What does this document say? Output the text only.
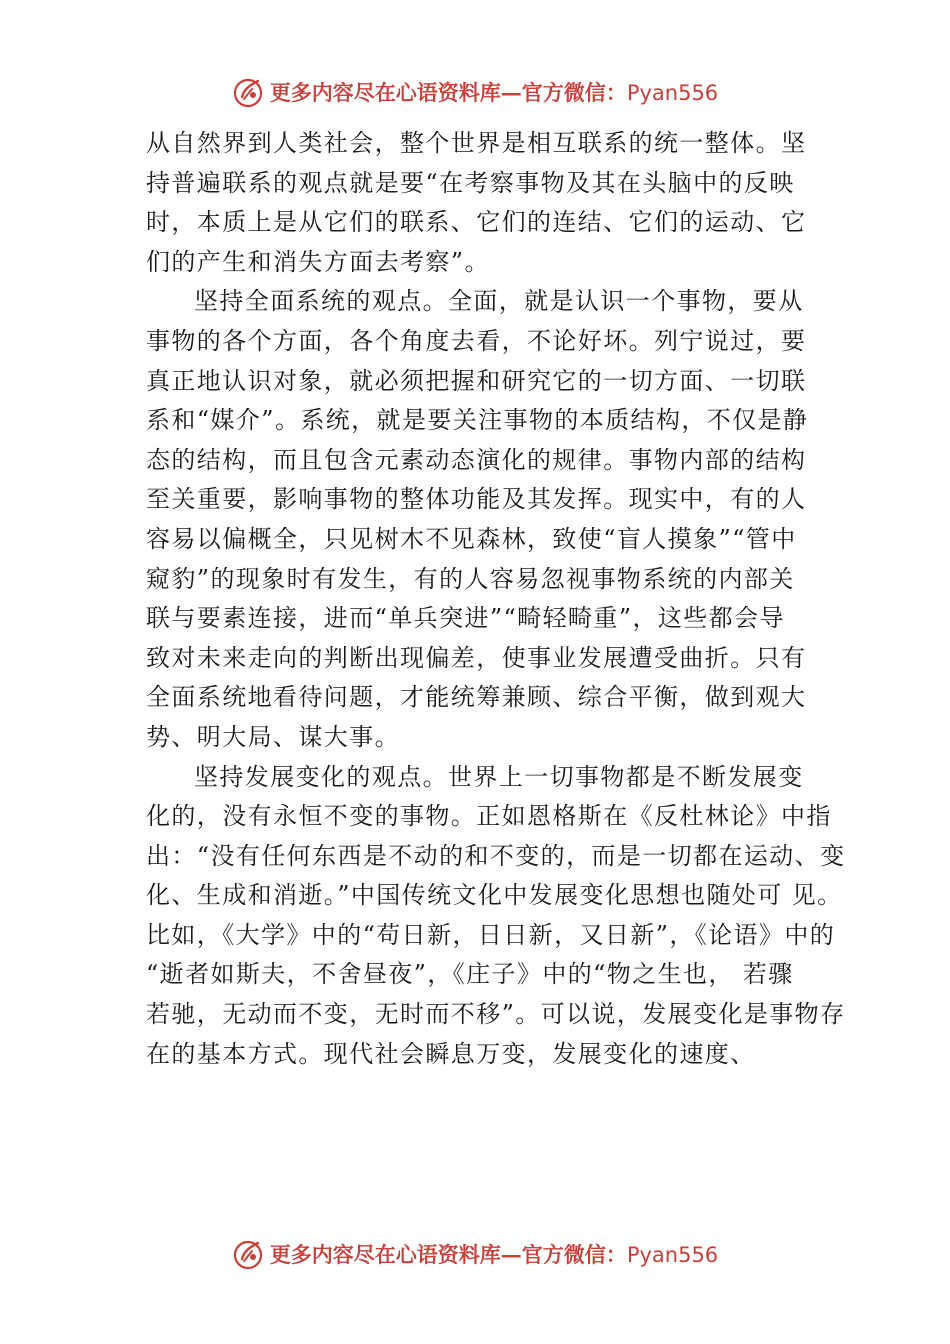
更多内容尽在心语资料库—官方微信：Pyan556
从自然界到人类社会，整个世界是相互联系的统一整体。坚
持普遍联系的观点就是要“在考察事物及其在头脑中的反映
时，本质上是从它们的联系、它们的连结、它们的运动、它
们的产生和消失方面去考察”。
坚持全面系统的观点。全面，就是认识一个事物，要从
事物的各个方面，各个角度去看，不论好坏。列宁说过，要
真正地认识对象，就必须把握和研究它的一切方面、一切联
系和“媒介”。系统，就是要关注事物的本质结构，不仅是静
态的结构，而且包含元素动态演化的规律。事物内部的结构
至关重要，影响事物的整体功能及其发挥。现实中，有的人
容易以偏概全，只见树木不见森林，致使“盲人摸象”“管中
窥豹”的现象时有发生，有的人容易忽视事物系统的内部关
联与要素连接，进而“单兵突进”“畸轻畸重”，这些都会导
致对未来走向的判断出现偏差，使事业发展遭受曲折。只有
全面系统地看待问题，才能统筹兼顾、综合平衡，做到观大
势、明大局、谋大事。
坚持发展变化的观点。世界上一切事物都是不断发展变
化的，没有永恒不变的事物。正如恩格斯在《反杜林论》中指
出：“没有任何东西是不动的和不变的，而是一切都在运动、变
化、生成和消逝。”中国传统文化中发展变化思想也随处可 见。
比如，《大学》中的“苟日新，日日新，又日新”，《论语》中的
“逝者如斯夫，不舍昼夜”，《庄子》中的“物之生也， 若骤
若驰，无动而不变，无时而不移”。可以说，发展变化是事物存
在的基本方式。现代社会瞬息万变，发展变化的速度、
更多内容尽在心语资料库—官方微信：Pyan556
